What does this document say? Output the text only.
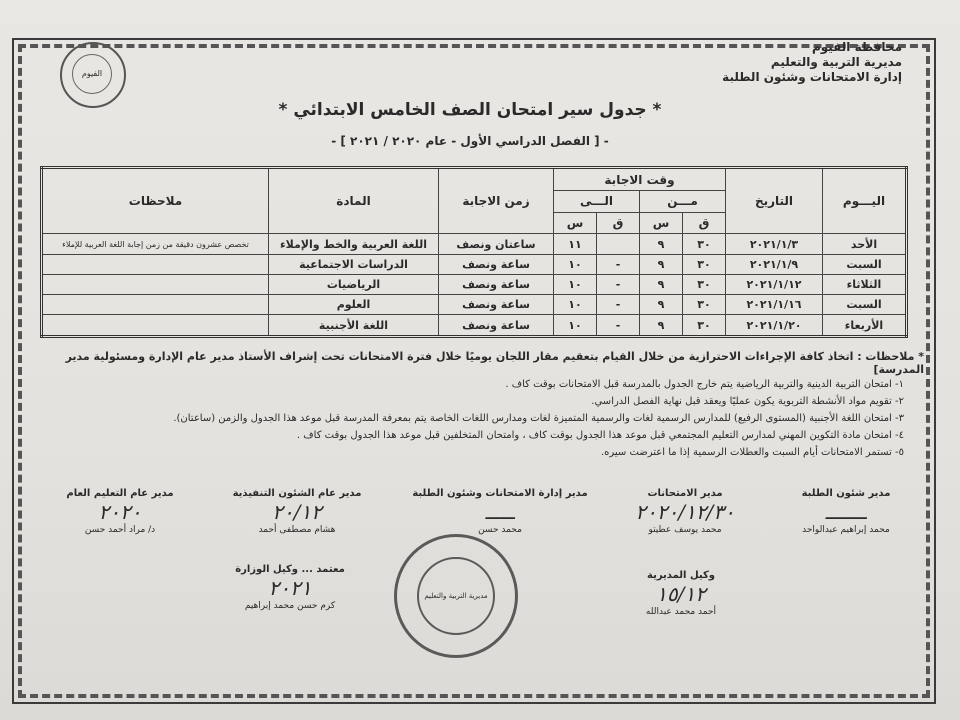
الفيوم
محافظة الفيوم
مديرية التربية والتعليم
إدارة الامتحانات وشئون الطلبة
* جدول سير امتحان الصف الخامس الابتدائي *
- [ الفصل الدراسي الأول - عام ٢٠٢٠ / ٢٠٢١ ] -
اليـــوم	التاريخ	وقت الاجابة				زمن الاجابة	المادة	ملاحظات
		مـــن		الـــى				
		ق	س	ق	س			
الأحد	٢٠٢١/١/٣	٣٠	٩		١١	ساعتان ونصف	اللغة العربية والخط والإملاء	تخصص عشرون دقيقة من زمن إجابة اللغة العربية للإملاء
السبت	٢٠٢١/١/٩	٣٠	٩	-	١٠	ساعة ونصف	الدراسات الاجتماعية	
الثلاثاء	٢٠٢١/١/١٢	٣٠	٩	-	١٠	ساعة ونصف	الرياضيات	
السبت	٢٠٢١/١/١٦	٣٠	٩	-	١٠	ساعة ونصف	العلوم	
الأربعاء	٢٠٢١/١/٢٠	٣٠	٩	-	١٠	ساعة ونصف	اللغة الأجنبية	
* ملاحظات : اتخاذ كافة الإجراءات الاحترازية من خلال القيام بتعقيم مقار اللجان يوميًا خلال فترة الامتحانات تحت إشراف الأستاذ مدير عام الإدارة ومسئولية مدير المدرسة]
١- امتحان التربية الدينية والتربية الرياضية يتم خارج الجدول بالمدرسة قبل الامتحانات بوقت كاف .
٢- تقويم مواد الأنشطة التربوية يكون عمليًا ويعقد قبل نهاية الفصل الدراسي.
٣- امتحان اللغة الأجنبية (المستوى الرفيع) للمدارس الرسمية لغات والرسمية المتميزة لغات ومدارس اللغات الخاصة يتم بمعرفة المدرسة قبل موعد هذا الجدول والزمن (ساعتان).
٤- امتحان مادة التكوين المهني لمدارس التعليم المجتمعي قبل موعد هذا الجدول بوقت كاف ، وامتحان المتخلفين قبل موعد هذا الجدول بوقت كاف .
٥- تستمر الامتحانات أيام السبت والعطلات الرسمية إذا ما اعترضت سيره.
مدير شئون الطلبة
ـــــــ
محمد إبراهيم عبدالواحد
مدير الامتحانات
٢٠٢٠/١٢/٣٠
محمد يوسف عطيتو
مدير إدارة الامتحانات وشئون الطلبة
ـــــ
محمد حسن
مدير عام الشئون التنفيذية
٢٠/١٢
هشام مصطفى أحمد
مدير عام التعليم العام
٢٠٢٠
د/ مراد أحمد حسن
وكيل المديرية
١٥/١٢
أحمد محمد عبدالله
معتمد ... وكيل الوزارة
٢٠٢١
كرم حسن محمد إبراهيم
مديرية التربية والتعليم
